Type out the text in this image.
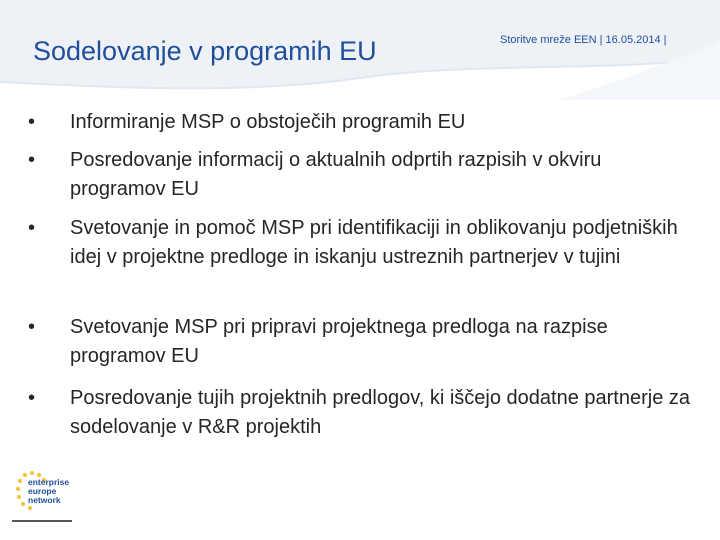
Sodelovanje v programih EU	Storitve mreže EEN | 16.05.2014 |
• Informiranje MSP o obstoječih programih EU
• Posredovanje informacij o aktualnih odprtih razpisih v okviru programov EU
• Svetovanje in pomoč MSP pri identifikaciji in oblikovanju podjetniških idej v projektne predloge in iskanju ustreznih partnerjev v tujini
• Svetovanje MSP pri pripravi projektnega predloga na razpise programov EU
• Posredovanje tujih projektnih predlogov, ki iščejo dodatne partnerje za sodelovanje v R&R projektih
enterprise
europe
network
